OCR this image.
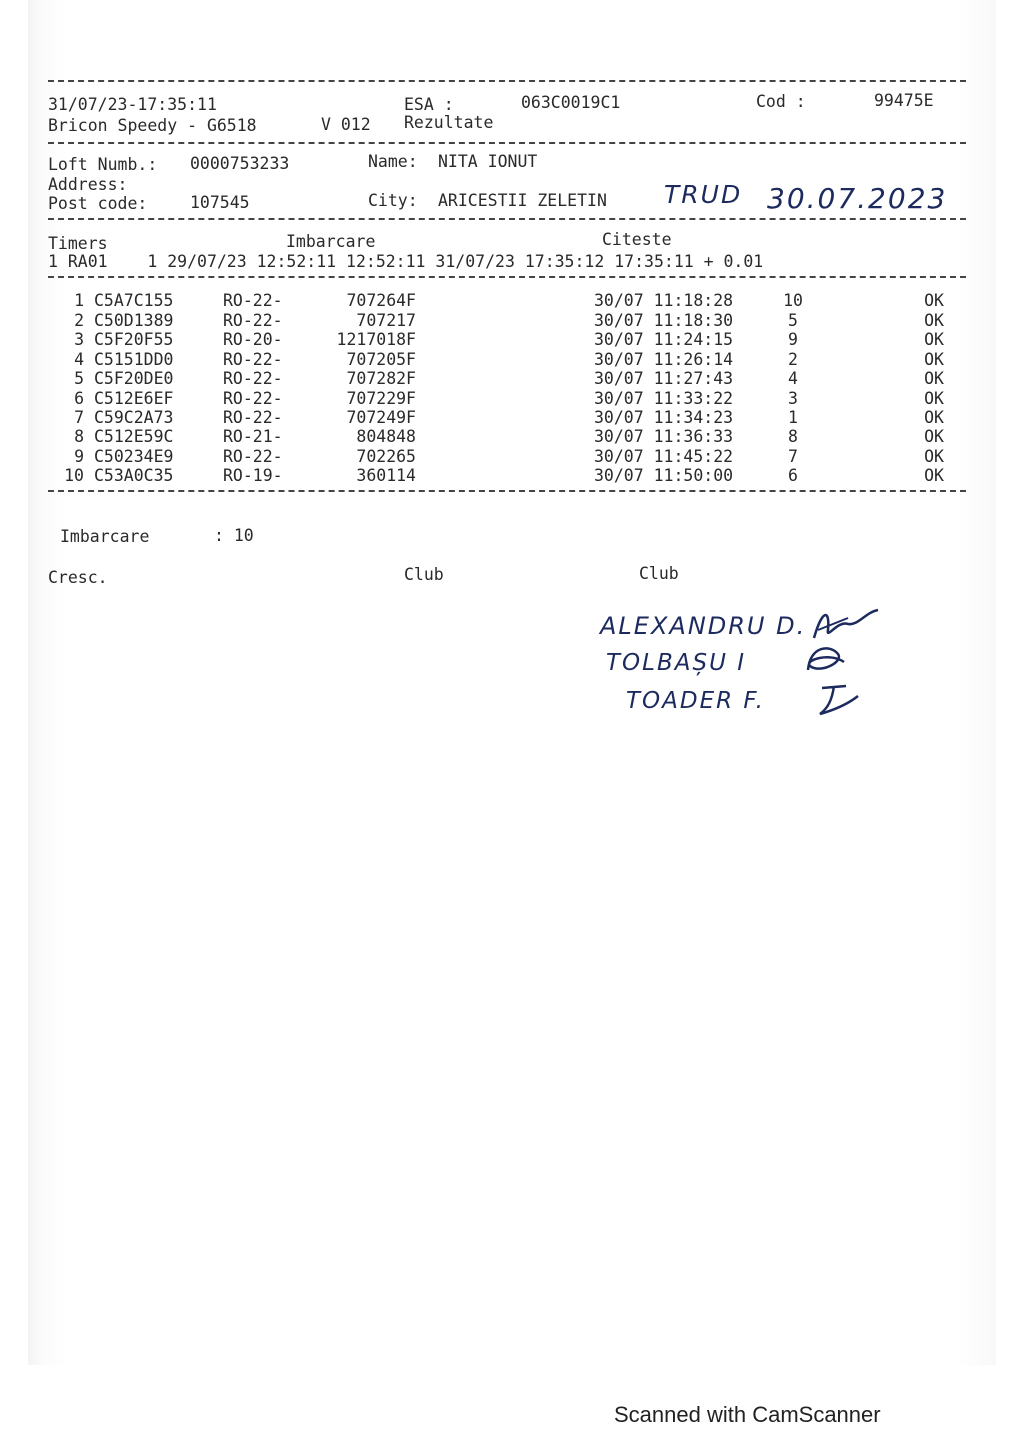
31/07/23-17:35:11	ESA :	063C0019C1	Cod :	99475E
Bricon Speedy - G6518	V 012 Rezultate
Loft Numb.: 0000753233	Name: NITA IONUT
Address:
Post code:	107545	City: ARICESTII ZELETIN TRUD 30.07.2023
Timers	Imbarcare	Citeste
1 RA01    1 29/07/23 12:52:11 12:52:11 31/07/23 17:35:12 17:35:11 + 0.01
1 C5A7C155	RO-22-	707264F	30/07 11:18:28	10	OK
2 C50D1389	RO-22-	707217	30/07 11:18:30	5	OK
3 C5F20F55	RO-20-	1217018F	30/07 11:24:15	9	OK
4 C5151DD0	RO-22-	707205F	30/07 11:26:14	2	OK
5 C5F20DE0	RO-22-	707282F	30/07 11:27:43	4	OK
6 C512E6EF	RO-22-	707229F	30/07 11:33:22	3	OK
7 C59C2A73	RO-22-	707249F	30/07 11:34:23	1	OK
8 C512E59C	RO-21-	804848	30/07 11:36:33	8	OK
9 C50234E9	RO-22-	702265	30/07 11:45:22	7	OK
10 C53A0C35	RO-19-	360114	30/07 11:50:00	6	OK
Imbarcare	: 10
Cresc.	Club	Club
ALEXANDRU D.
TOLBAȘU I
TOADER F.
Scanned with CamScanner
